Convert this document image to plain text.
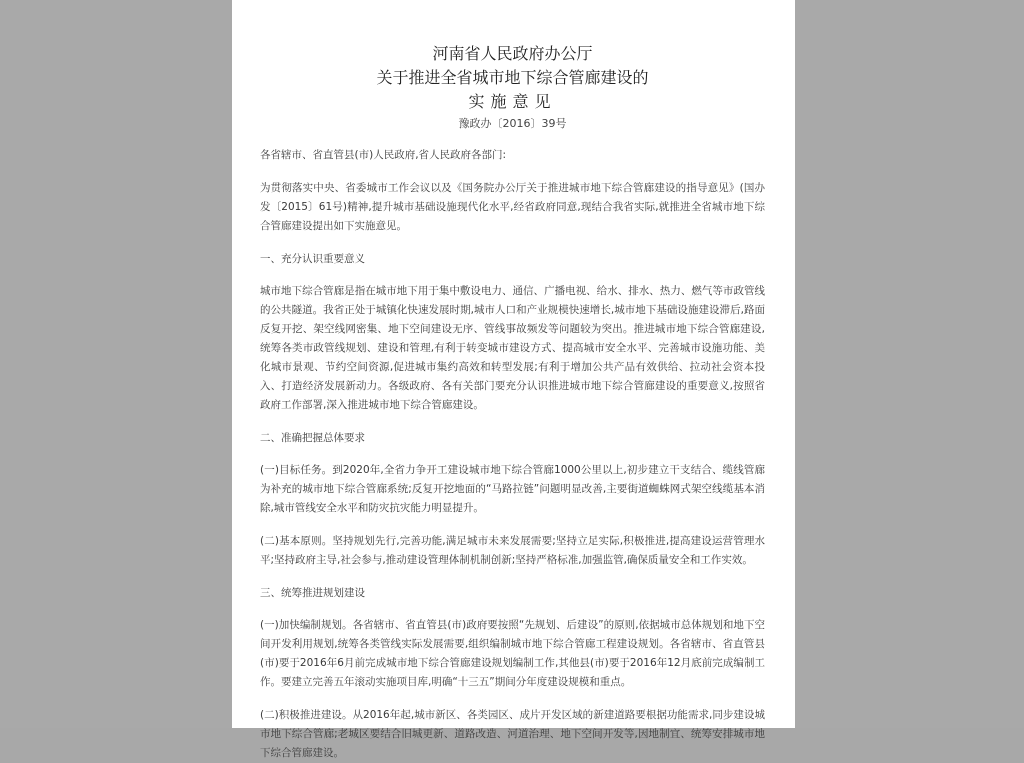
河南省人民政府办公厅

关于推进全省城市地下综合管廊建设的

实施意见

豫政办〔2016〕39号

各省辖市、省直管县(市)人民政府,省人民政府各部门:

为贯彻落实中央、省委城市工作会议以及《国务院办公厅关于推进城市地下综合管廊建设的指导意见》(国办发〔2015〕61号)精神,提升城市基础设施现代化水平,经省政府同意,现结合我省实际,就推进全省城市地下综合管廊建设提出如下实施意见。

一、充分认识重要意义

城市地下综合管廊是指在城市地下用于集中敷设电力、通信、广播电视、给水、排水、热力、燃气等市政管线的公共隧道。我省正处于城镇化快速发展时期,城市人口和产业规模快速增长,城市地下基础设施建设滞后,路面反复开挖、架空线网密集、地下空间建设无序、管线事故频发等问题较为突出。推进城市地下综合管廊建设,统筹各类市政管线规划、建设和管理,有利于转变城市建设方式、提高城市安全水平、完善城市设施功能、美化城市景观、节约空间资源,促进城市集约高效和转型发展;有利于增加公共产品有效供给、拉动社会资本投入、打造经济发展新动力。各级政府、各有关部门要充分认识推进城市地下综合管廊建设的重要意义,按照省政府工作部署,深入推进城市地下综合管廊建设。

二、准确把握总体要求

(一)目标任务。到2020年,全省力争开工建设城市地下综合管廊1000公里以上,初步建立干支结合、缆线管廊为补充的城市地下综合管廊系统;反复开挖地面的“马路拉链”问题明显改善,主要街道蜘蛛网式架空线缆基本消除,城市管线安全水平和防灾抗灾能力明显提升。

(二)基本原则。坚持规划先行,完善功能,满足城市未来发展需要;坚持立足实际,积极推进,提高建设运营管理水平;坚持政府主导,社会参与,推动建设管理体制机制创新;坚持严格标准,加强监管,确保质量安全和工作实效。

三、统筹推进规划建设

(一)加快编制规划。各省辖市、省直管县(市)政府要按照“先规划、后建设”的原则,依据城市总体规划和地下空间开发利用规划,统筹各类管线实际发展需要,组织编制城市地下综合管廊工程建设规划。各省辖市、省直管县(市)要于2016年6月前完成城市地下综合管廊建设规划编制工作,其他县(市)要于2016年12月底前完成编制工作。要建立完善五年滚动实施项目库,明确“十三五”期间分年度建设规模和重点。

(二)积极推进建设。从2016年起,城市新区、各类园区、成片开发区域的新建道路要根据功能需求,同步建设城市地下综合管廊;老城区要结合旧城更新、道路改造、河道治理、地下空间开发等,因地制宜、统筹安排城市地下综合管廊建设。
